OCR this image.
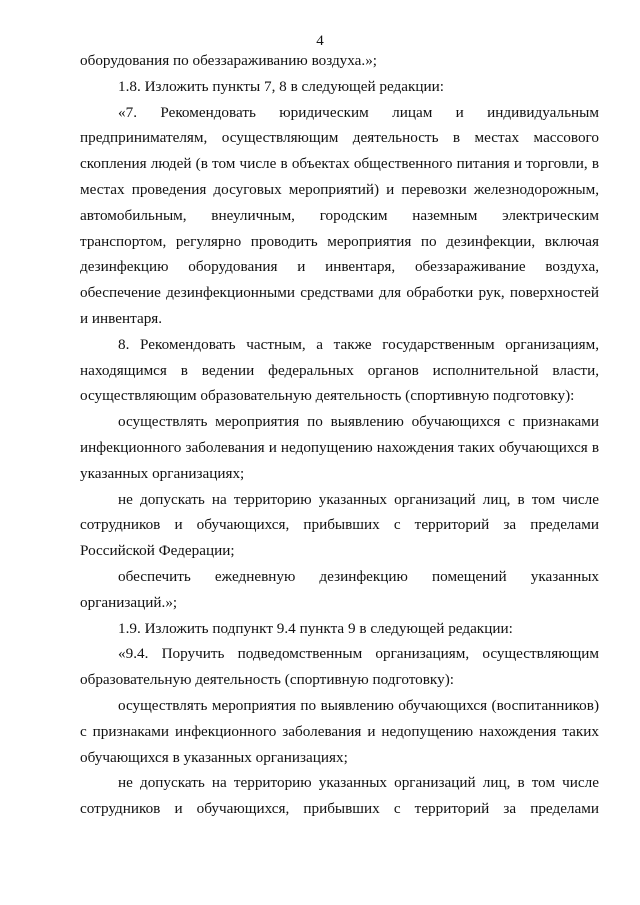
4

оборудования по обеззараживанию воздуха.»;

1.8. Изложить пункты 7, 8 в следующей редакции:

«7. Рекомендовать юридическим лицам и индивидуальным предпринимателям, осуществляющим деятельность в местах массового скопления людей (в том числе в объектах общественного питания и торговли, в местах проведения досуговых мероприятий) и перевозки железнодорожным, автомобильным, внеуличным, городским наземным электрическим транспортом, регулярно проводить мероприятия по дезинфекции, включая дезинфекцию оборудования и инвентаря, обеззараживание воздуха, обеспечение дезинфекционными средствами для обработки рук, поверхностей и инвентаря.

8. Рекомендовать частным, а также государственным организациям, находящимся в ведении федеральных органов исполнительной власти, осуществляющим образовательную деятельность (спортивную подготовку):

осуществлять мероприятия по выявлению обучающихся с признаками инфекционного заболевания и недопущению нахождения таких обучающихся в указанных организациях;

не допускать на территорию указанных организаций лиц, в том числе сотрудников и обучающихся, прибывших с территорий за пределами Российской Федерации;

обеспечить ежедневную дезинфекцию помещений указанных организаций.»;

1.9. Изложить подпункт 9.4 пункта 9 в следующей редакции:

«9.4. Поручить подведомственным организациям, осуществляющим образовательную деятельность (спортивную подготовку):

осуществлять мероприятия по выявлению обучающихся (воспитанников) с признаками инфекционного заболевания и недопущению нахождения таких обучающихся в указанных организациях;

не допускать на территорию указанных организаций лиц, в том числе сотрудников и обучающихся, прибывших с территорий за пределами
